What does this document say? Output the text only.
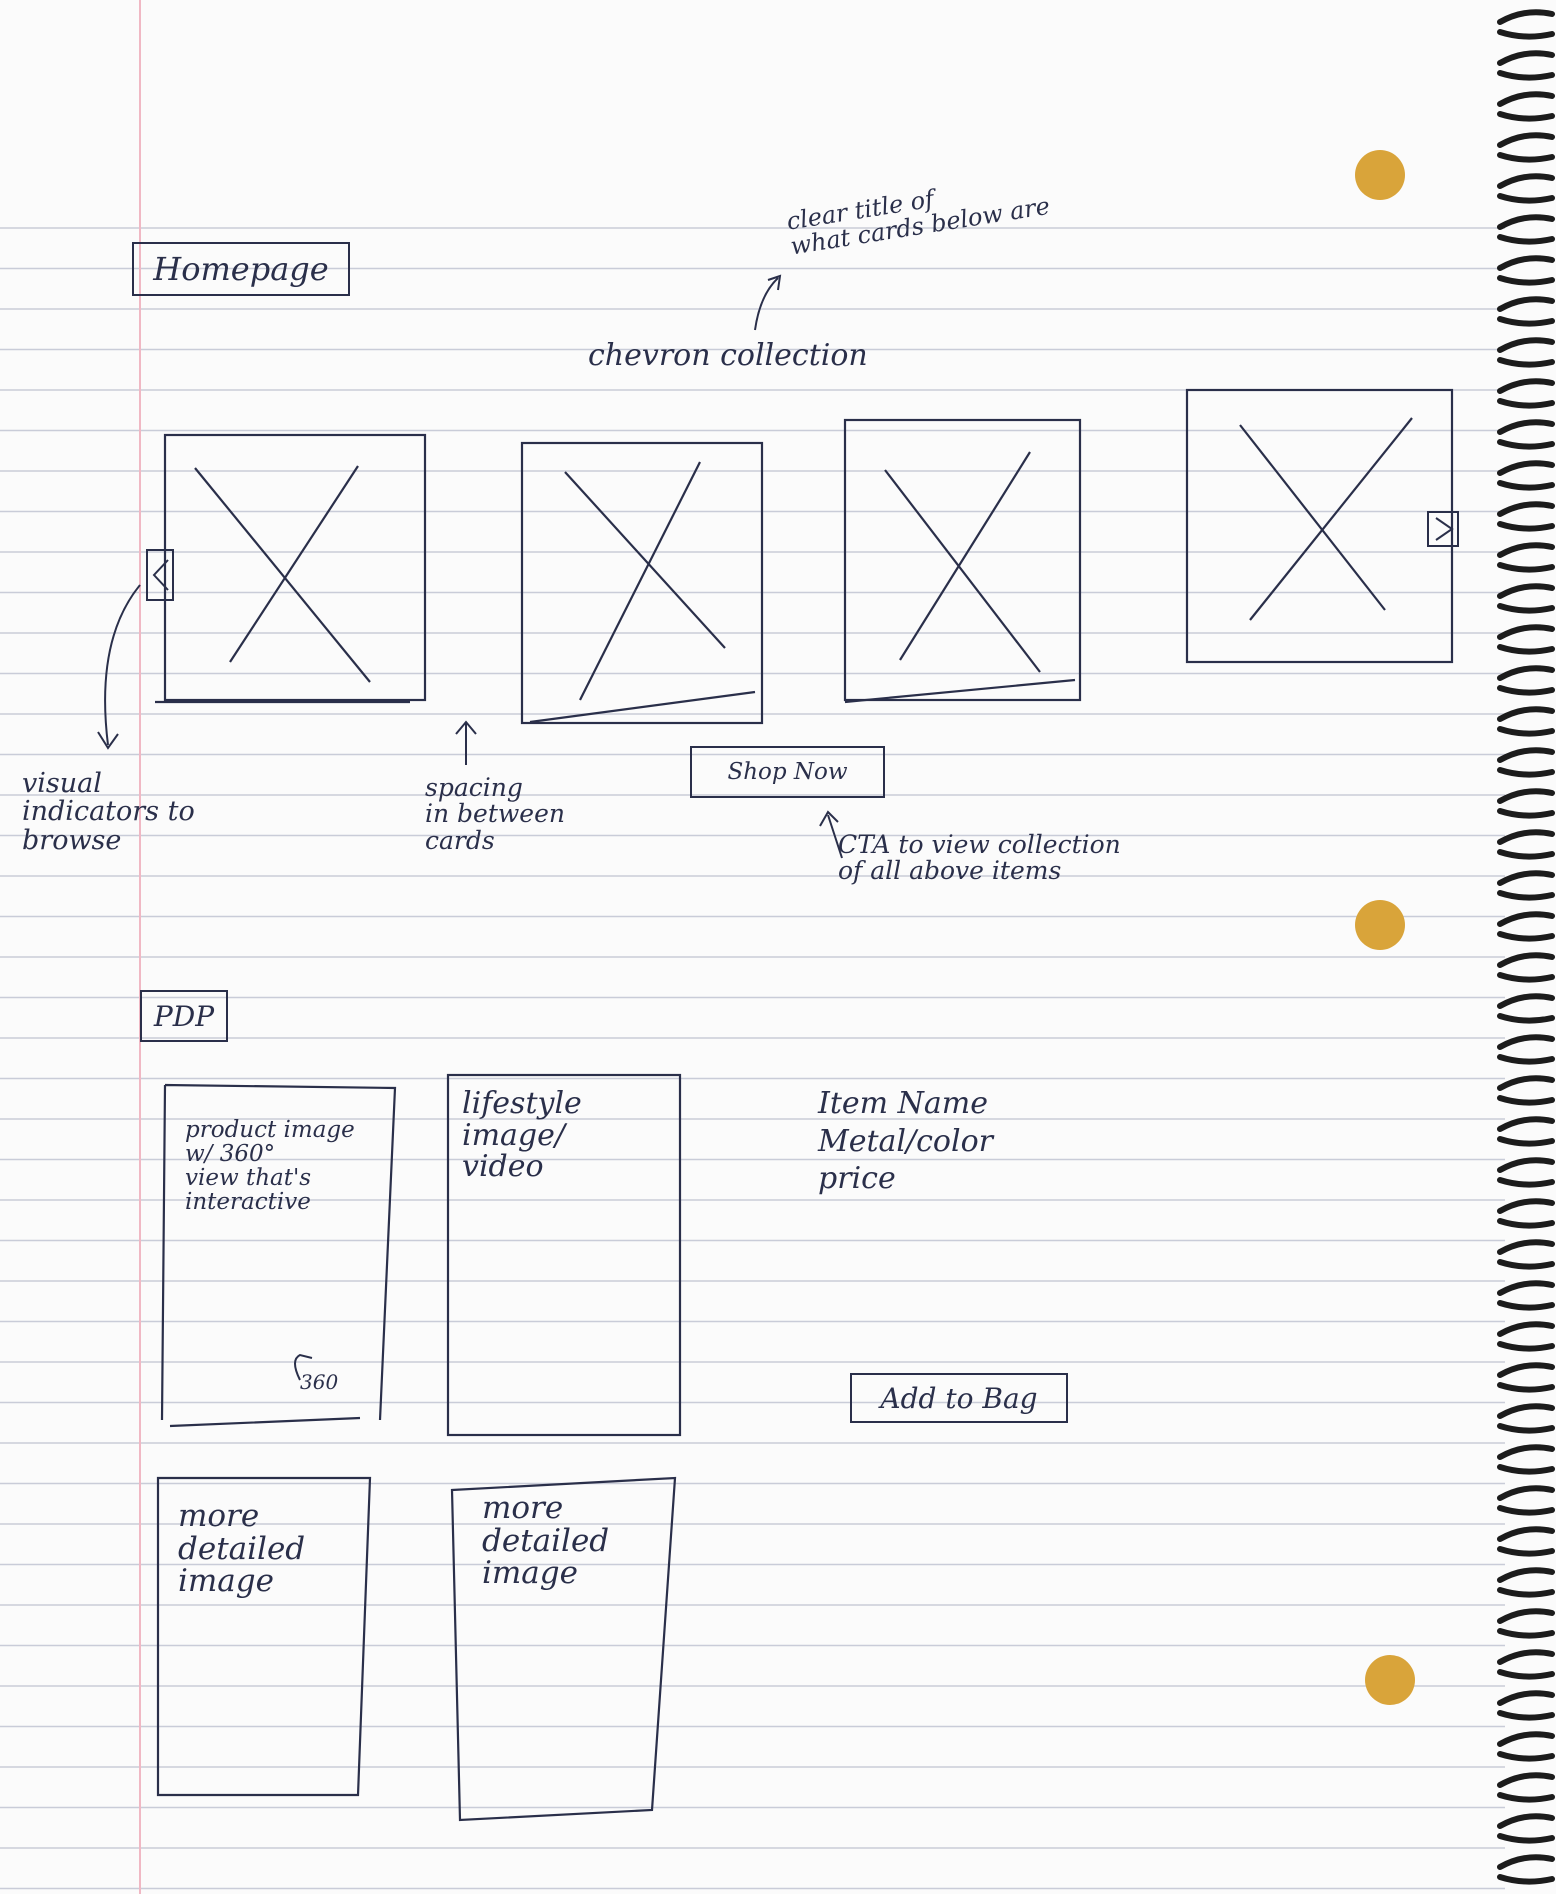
Homepage
clear title of
what cards below are
chevron collection
visual
indicators to
browse
spacing
in between
cards
Shop Now
CTA to view collection
of all above items
PDP
product image
w/ 360°
view that's
interactive
360
lifestyle
image/
video
Item Name
Metal/color
price
Add to Bag
more
detailed
image
more
detailed
image
